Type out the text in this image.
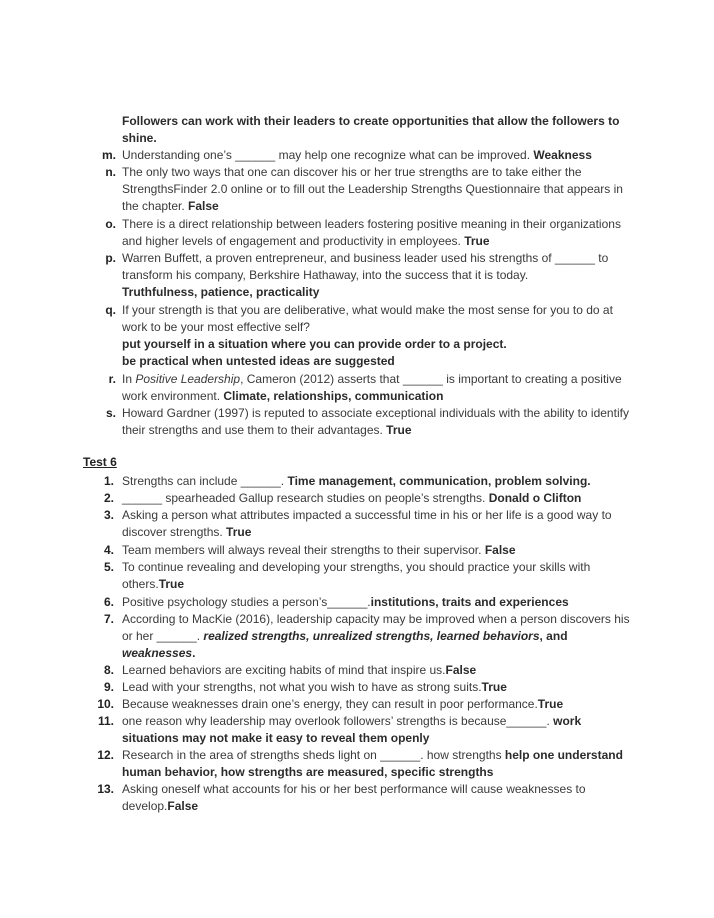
Followers can work with their leaders to create opportunities that allow the followers to shine.
m. Understanding one’s ______ may help one recognize what can be improved. Weakness
n. The only two ways that one can discover his or her true strengths are to take either the StrengthsFinder 2.0 online or to fill out the Leadership Strengths Questionnaire that appears in the chapter. False
o. There is a direct relationship between leaders fostering positive meaning in their organizations and higher levels of engagement and productivity in employees. True
p. Warren Buffett, a proven entrepreneur, and business leader used his strengths of ______ to transform his company, Berkshire Hathaway, into the success that it is today.
Truthfulness, patience, practicality
q. If your strength is that you are deliberative, what would make the most sense for you to do at work to be your most effective self?
put yourself in a situation where you can provide order to a project.
be practical when untested ideas are suggested
r. In Positive Leadership, Cameron (2012) asserts that ______ is important to creating a positive work environment. Climate, relationships, communication
s. Howard Gardner (1997) is reputed to associate exceptional individuals with the ability to identify their strengths and use them to their advantages. True
Test 6
1. Strengths can include ______. Time management, communication, problem solving.
2. ______ spearheaded Gallup research studies on people’s strengths. Donald o Clifton
3. Asking a person what attributes impacted a successful time in his or her life is a good way to discover strengths. True
4. Team members will always reveal their strengths to their supervisor. False
5. To continue revealing and developing your strengths, you should practice your skills with others.True
6. Positive psychology studies a person’s______.institutions, traits and experiences
7. According to MacKie (2016), leadership capacity may be improved when a person discovers his or her ______. realized strengths, unrealized strengths, learned behaviors, and weaknesses.
8. Learned behaviors are exciting habits of mind that inspire us.False
9. Lead with your strengths, not what you wish to have as strong suits.True
10. Because weaknesses drain one’s energy, they can result in poor performance.True
11. one reason why leadership may overlook followers’ strengths is because______. work situations may not make it easy to reveal them openly
12. Research in the area of strengths sheds light on ______. how strengths help one understand human behavior, how strengths are measured, specific strengths
13. Asking oneself what accounts for his or her best performance will cause weaknesses to develop.False
